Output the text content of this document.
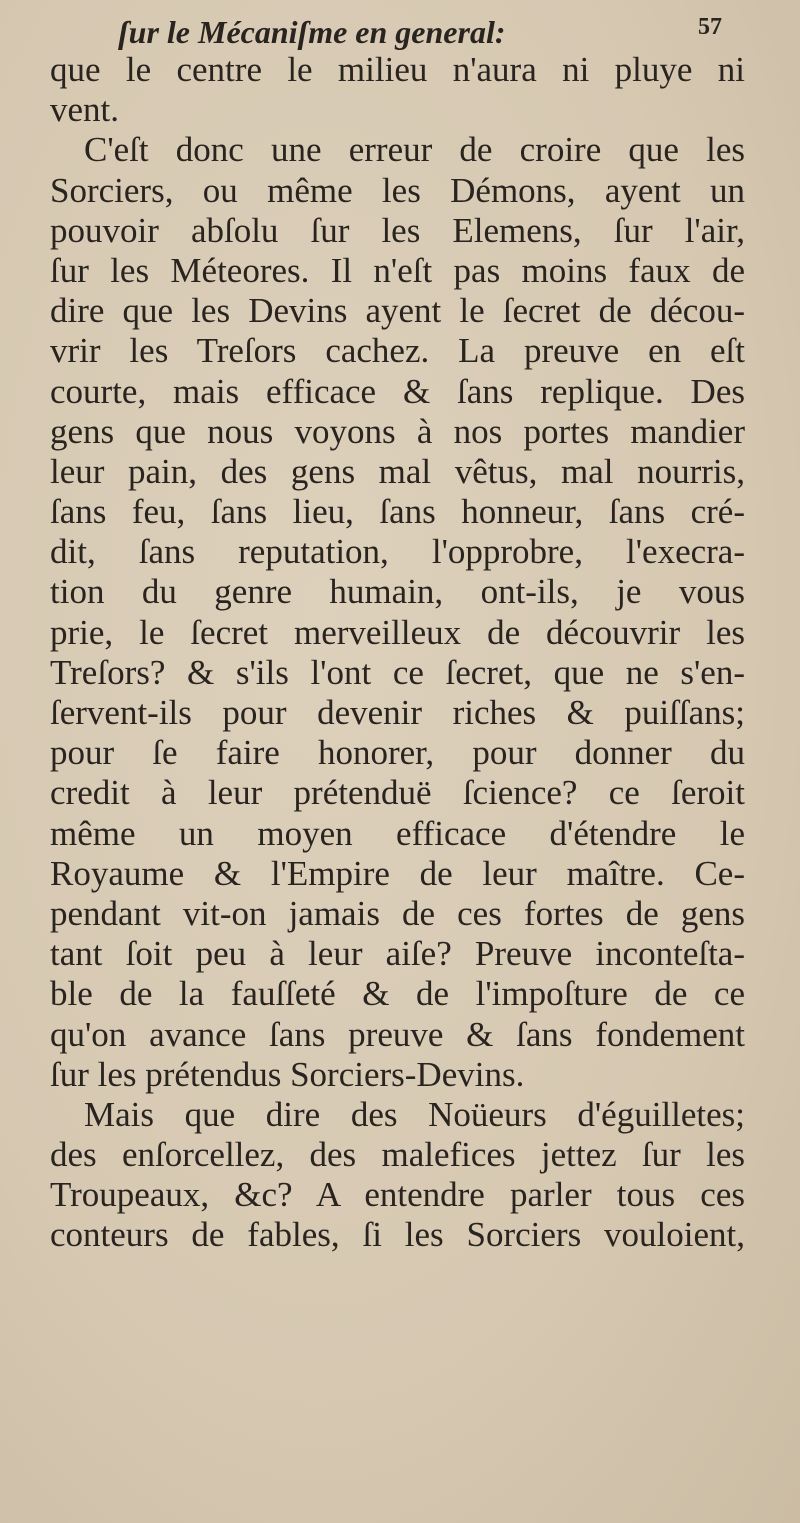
ſur le Mécaniſme en general:	57
que le centre le milieu n'aura ni pluye ni
vent.
C'eſt donc une erreur de croire que les
Sorciers, ou même les Démons, ayent un
pouvoir abſolu ſur les Elemens, ſur l'air,
ſur les Méteores. Il n'eſt pas moins faux de
dire que les Devins ayent le ſecret de décou-
vrir les Treſors cachez. La preuve en eſt
courte, mais efficace & ſans replique. Des
gens que nous voyons à nos portes mandier
leur pain, des gens mal vêtus, mal nourris,
ſans feu, ſans lieu, ſans honneur, ſans cré-
dit, ſans reputation, l'opprobre, l'execra-
tion du genre humain, ont-ils, je vous
prie, le ſecret merveilleux de découvrir les
Treſors? & s'ils l'ont ce ſecret, que ne s'en-
ſervent-ils pour devenir riches & puiſſans;
pour ſe faire honorer, pour donner du
credit à leur prétenduë ſcience? ce ſeroit
même un moyen efficace d'étendre le
Royaume & l'Empire de leur maître. Ce-
pendant vit-on jamais de ces fortes de gens
tant ſoit peu à leur aiſe? Preuve inconteſta-
ble de la fauſſeté & de l'impoſture de ce
qu'on avance ſans preuve & ſans fondement
ſur les prétendus Sorciers-Devins.
Mais que dire des Noüeurs d'éguilletes;
des enſorcellez, des malefices jettez ſur les
Troupeaux, &c? A entendre parler tous ces
conteurs de fables, ſi les Sorciers vouloient,
